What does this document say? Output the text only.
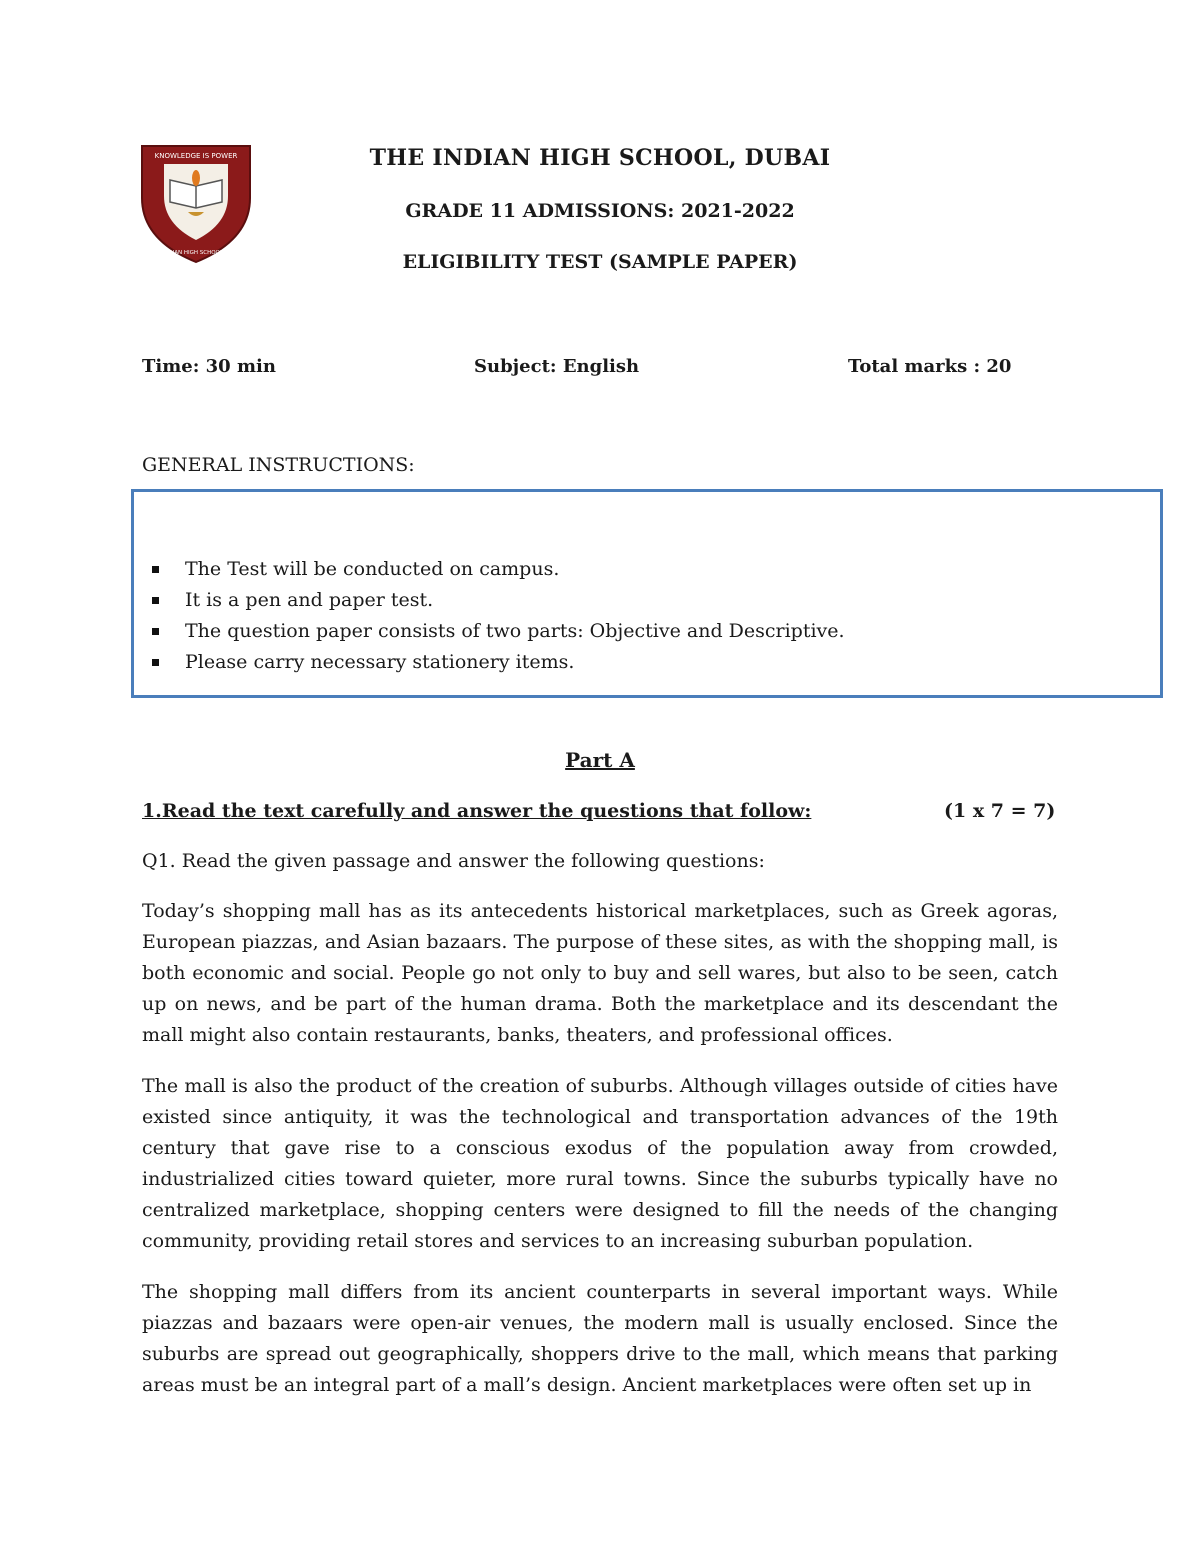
KNOWLEDGE IS POWER
THE INDIAN HIGH SCHOOL DUBAI
THE INDIAN HIGH SCHOOL, DUBAI
GRADE 11 ADMISSIONS: 2021-2022
ELIGIBILITY TEST (SAMPLE PAPER)
Time: 30 min	Subject: English	Total marks : 20
GENERAL INSTRUCTIONS:
The Test will be conducted on campus.
It is a pen and paper test.
The question paper consists of two parts: Objective and Descriptive.
Please carry necessary stationery items.
Part A
1.Read the text carefully and answer the questions that follow:	(1 x 7 = 7)
Q1. Read the given passage and answer the following questions:

Today’s shopping mall has as its antecedents historical marketplaces, such as Greek agoras, European piazzas, and Asian bazaars. The purpose of these sites, as with the shopping mall, is both economic and social. People go not only to buy and sell wares, but also to be seen, catch up on news, and be part of the human drama. Both the marketplace and its descendant the mall might also contain restaurants, banks, theaters, and professional offices.

The mall is also the product of the creation of suburbs. Although villages outside of cities have existed since antiquity, it was the technological and transportation advances of the 19th century that gave rise to a conscious exodus of the population away from crowded, industrialized cities toward quieter, more rural towns. Since the suburbs typically have no centralized marketplace, shopping centers were designed to fill the needs of the changing community, providing retail stores and services to an increasing suburban population.

The shopping mall differs from its ancient counterparts in several important ways. While piazzas and bazaars were open-air venues, the modern mall is usually enclosed. Since the suburbs are spread out geographically, shoppers drive to the mall, which means that parking areas must be an integral part of a mall’s design. Ancient marketplaces were often set up in
